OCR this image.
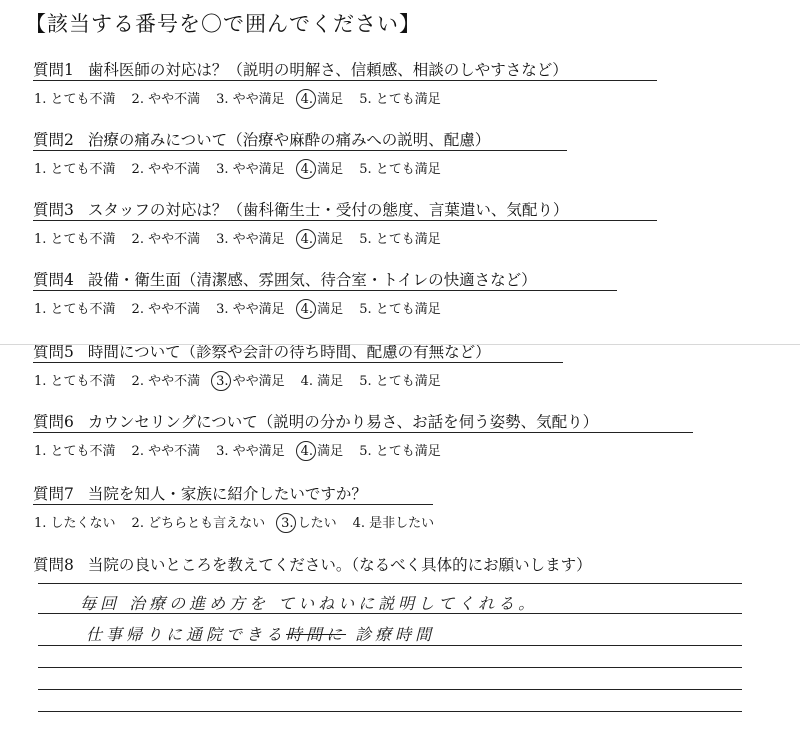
【該当する番号を〇で囲んでください】
質問1 歯科医師の対応は？（説明の明解さ、信頼感、相談のしやすさなど）
1. とても不満 2. やや不満 3. やや満足 4. 満足 5. とても満足
質問2 治療の痛みについて（治療や麻酔の痛みへの説明、配慮）
1. とても不満 2. やや不満 3. やや満足 4. 満足 5. とても満足
質問3 スタッフの対応は？（歯科衛生士・受付の態度、言葉遣い、気配り）
1. とても不満 2. やや不満 3. やや満足 4. 満足 5. とても満足
質問4 設備・衛生面（清潔感、雰囲気、待合室・トイレの快適さなど）
1. とても不満 2. やや不満 3. やや満足 4. 満足 5. とても満足
質問5 時間について（診察や会計の待ち時間、配慮の有無など）
1. とても不満 2. やや不満 3. やや満足 4. 満足 5. とても満足
質問6 カウンセリングについて（説明の分かり易さ、お話を伺う姿勢、気配り）
1. とても不満 2. やや不満 3. やや満足 4. 満足 5. とても満足
質問7 当院を知人・家族に紹介したいですか？
1. したくない 2. どちらとも言えない 3. したい 4. 是非したい
質問8 当院の良いところを教えてください。（なるべく具体的にお願いします）
毎回 治療の進め方を ていねいに説明してくれる。
仕事帰りに通院できる時間に 診療時間
